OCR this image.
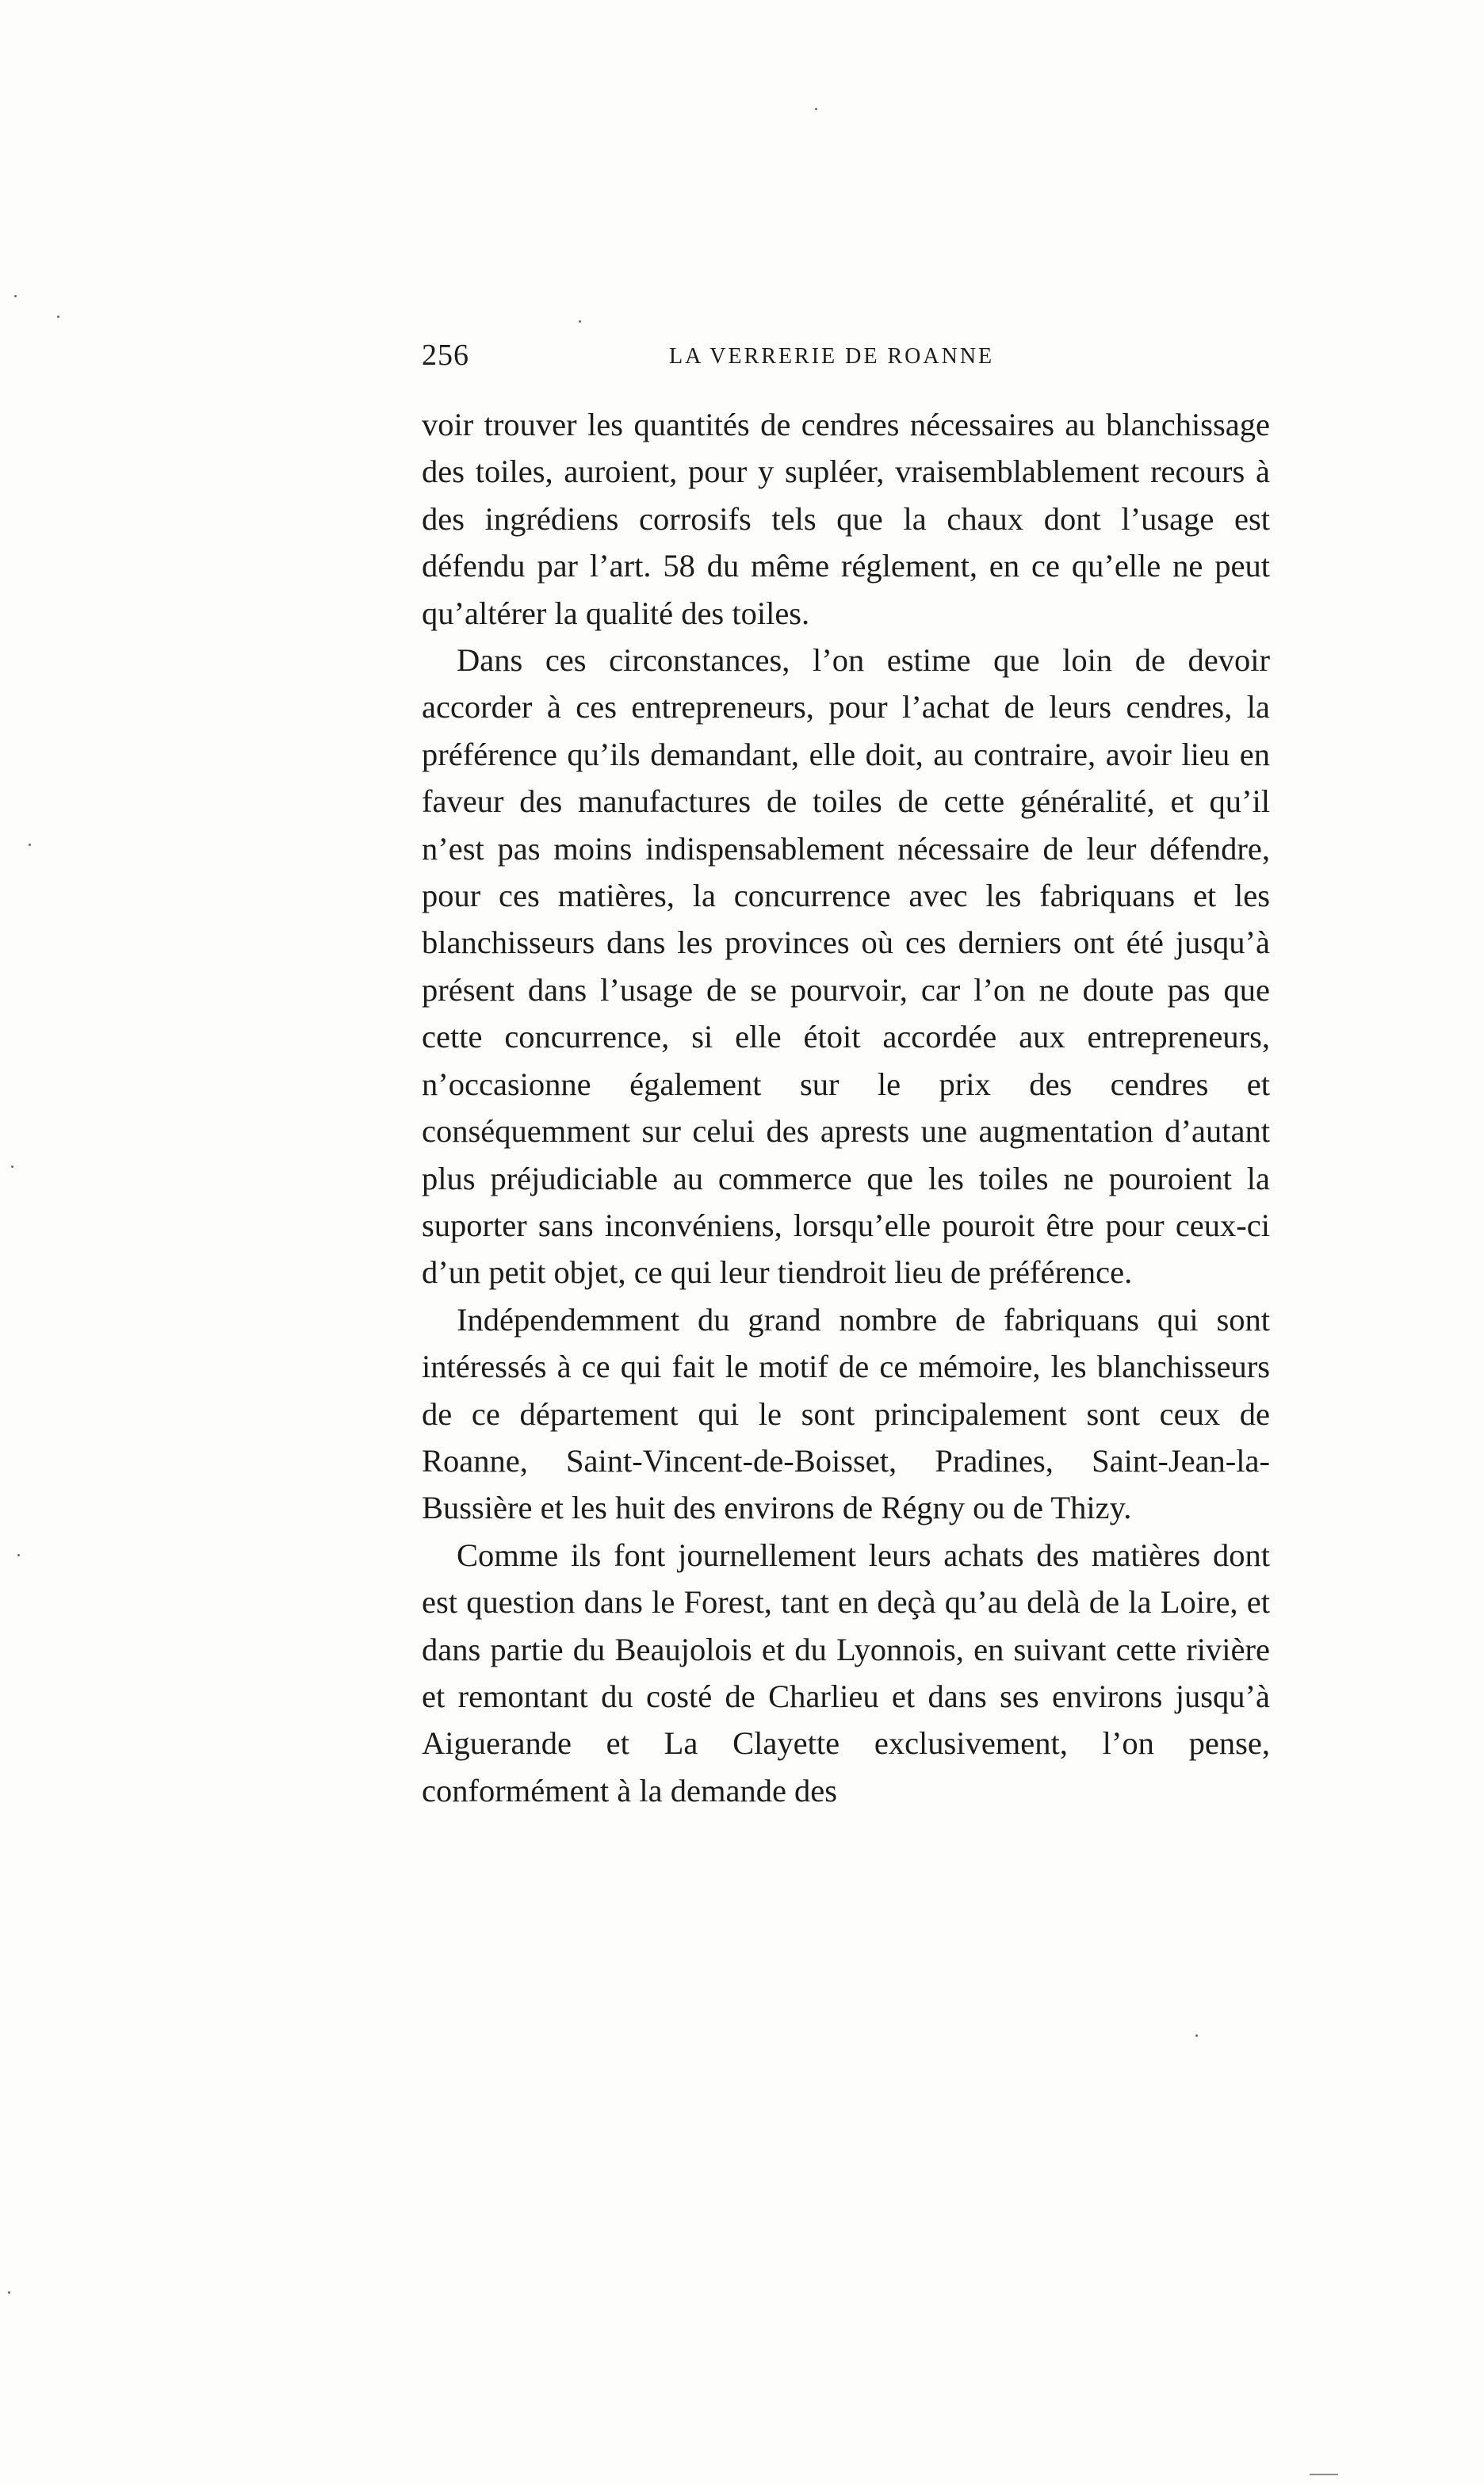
256	LA VERRERIE DE ROANNE

voir trouver les quantités de cendres nécessaires au blanchissage des toiles, auroient, pour y supléer, vraisemblablement recours à des ingrédiens corrosifs tels que la chaux dont l’usage est défendu par l’art. 58 du même réglement, en ce qu’elle ne peut qu’altérer la qualité des toiles.

Dans ces circonstances, l’on estime que loin de devoir accorder à ces entrepreneurs, pour l’achat de leurs cendres, la préférence qu’ils demandant, elle doit, au contraire, avoir lieu en faveur des manufactures de toiles de cette généralité, et qu’il n’est pas moins indispensablement nécessaire de leur défendre, pour ces matières, la concurrence avec les fabriquans et les blanchisseurs dans les provinces où ces derniers ont été jusqu’à présent dans l’usage de se pourvoir, car l’on ne doute pas que cette concurrence, si elle étoit accordée aux entrepreneurs, n’occasionne également sur le prix des cendres et conséquemment sur celui des aprests une augmentation d’autant plus préjudiciable au commerce que les toiles ne pouroient la suporter sans inconvéniens, lorsqu’elle pouroit être pour ceux-ci d’un petit objet, ce qui leur tiendroit lieu de préférence.

Indépendemment du grand nombre de fabriquans qui sont intéressés à ce qui fait le motif de ce mémoire, les blanchisseurs de ce département qui le sont principalement sont ceux de Roanne, Saint-Vincent-de-Boisset, Pradines, Saint-Jean-la-Bussière et les huit des environs de Régny ou de Thizy.

Comme ils font journellement leurs achats des matières dont est question dans le Forest, tant en deçà qu’au delà de la Loire, et dans partie du Beaujolois et du Lyonnois, en suivant cette rivière et remontant du costé de Charlieu et dans ses environs jusqu’à Aiguerande et La Clayette exclusivement, l’on pense, conformément à la demande des
